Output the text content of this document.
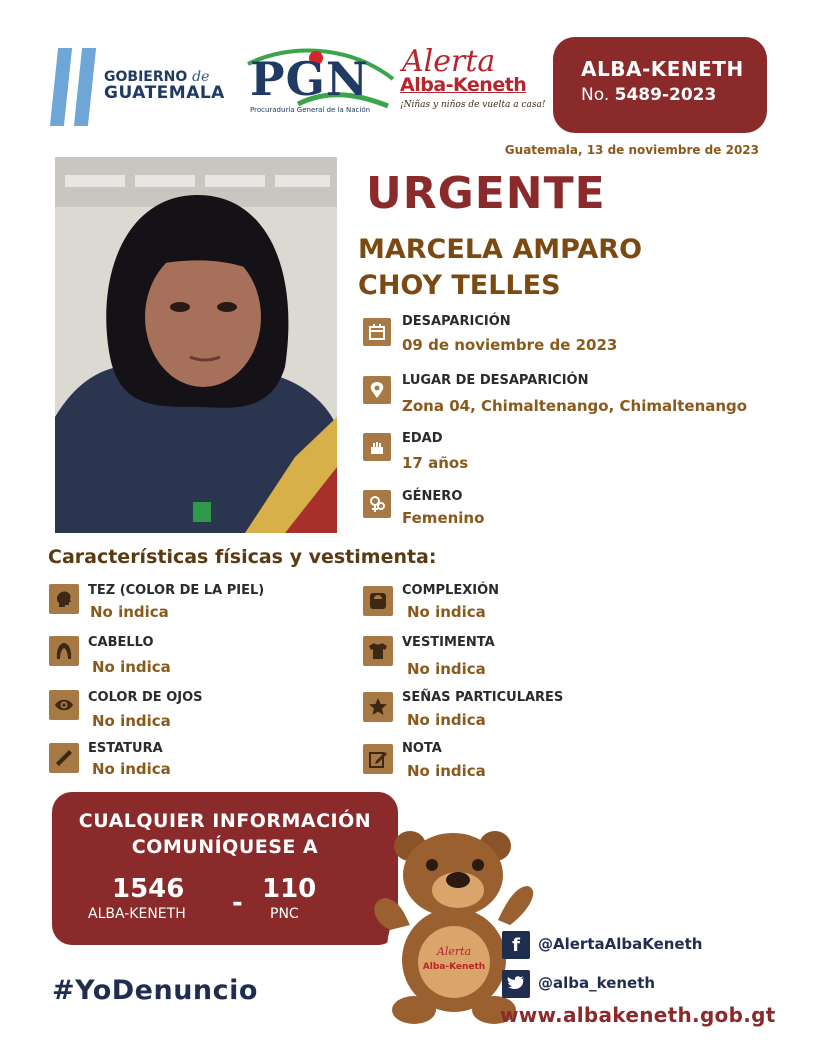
GOBIERNO de
GUATEMALA PGN
Procuraduría General de la Nación
Alerta
Alba-Keneth
¡Niñas y niños de vuelta a casa!
ALBA-KENETH
No. 5489-2023
Guatemala, 13 de noviembre de 2023
URGENTE
MARCELA AMPARO
CHOY TELLES
DESAPARICIÓN
09 de noviembre de 2023
LUGAR DE DESAPARICIÓN
Zona 04, Chimaltenango, Chimaltenango
EDAD
17 años
GÉNERO
Femenino
Características físicas y vestimenta:
TEZ (COLOR DE LA PIEL)
No indica
CABELLO
No indica
COLOR DE OJOS
No indica
ESTATURA
No indica
COMPLEXIÓN
No indica
VESTIMENTA
No indica
SEÑAS PARTICULARES
No indica
NOTA
No indica
CUALQUIER INFORMACIÓN
COMUNÍQUESE A
1546
ALBA-KENETH - 110
PNC
#YoDenuncio
Alerta
Alba-Keneth
f	@AlertaAlbaKeneth
@alba_keneth
www.albakeneth.gob.gt
